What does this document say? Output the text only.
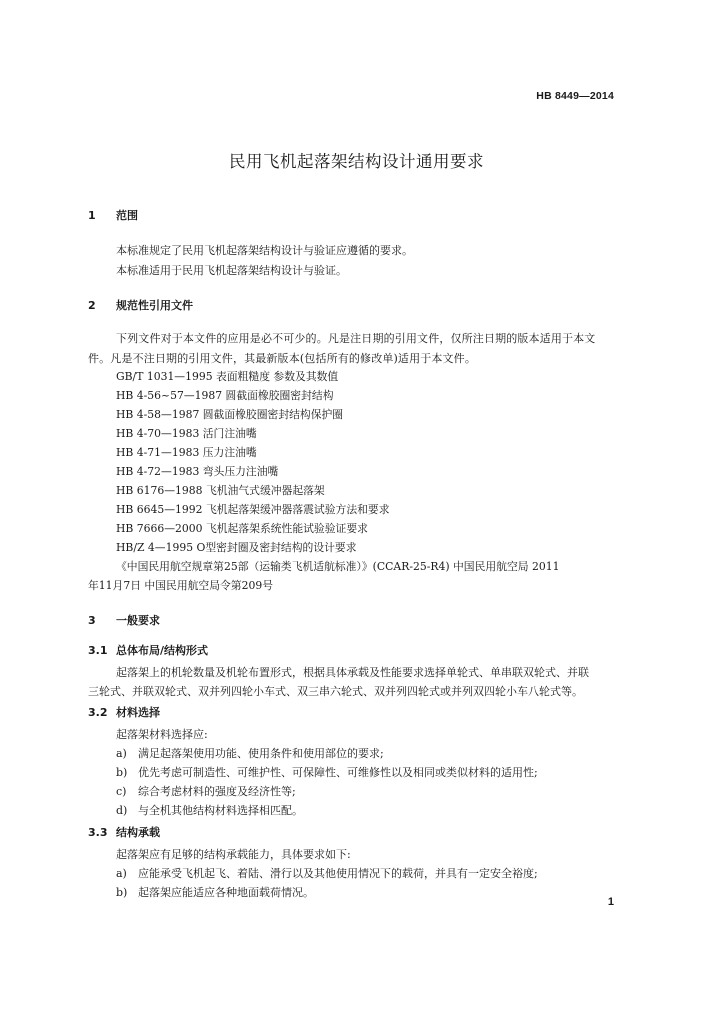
HB 8449—2014
民用飞机起落架结构设计通用要求
1 范围
本标准规定了民用飞机起落架结构设计与验证应遵循的要求。
本标准适用于民用飞机起落架结构设计与验证。
2 规范性引用文件
下列文件对于本文件的应用是必不可少的。凡是注日期的引用文件，仅所注日期的版本适用于本文
件。凡是不注日期的引用文件，其最新版本(包括所有的修改单)适用于本文件。
GB/T 1031—1995 表面粗糙度 参数及其数值
HB 4-56~57—1987 圆截面橡胶圈密封结构
HB 4-58—1987 圆截面橡胶圈密封结构保护圈
HB 4-70—1983 活门注油嘴
HB 4-71—1983 压力注油嘴
HB 4-72—1983 弯头压力注油嘴
HB 6176—1988 飞机油气式缓冲器起落架
HB 6645—1992 飞机起落架缓冲器落震试验方法和要求
HB 7666—2000 飞机起落架系统性能试验验证要求
HB/Z 4—1995 O型密封圈及密封结构的设计要求
《中国民用航空规章第25部（运输类飞机适航标准）》(CCAR-25-R4) 中国民用航空局 2011
年11月7日 中国民用航空局令第209号
3 一般要求
3.1 总体布局/结构形式
起落架上的机轮数量及机轮布置形式，根据具体承载及性能要求选择单轮式、单串联双轮式、并联
三轮式、并联双轮式、双并列四轮小车式、双三串六轮式、双并列四轮式或并列双四轮小车八轮式等。
3.2 材料选择
起落架材料选择应:
a) 满足起落架使用功能、使用条件和使用部位的要求;
b) 优先考虑可制造性、可维护性、可保障性、可维修性以及相同或类似材料的适用性;
c) 综合考虑材料的强度及经济性等;
d) 与全机其他结构材料选择相匹配。
3.3 结构承载
起落架应有足够的结构承载能力，具体要求如下:
a) 应能承受飞机起飞、着陆、滑行以及其他使用情况下的载荷，并具有一定安全裕度;
b) 起落架应能适应各种地面载荷情况。
1
